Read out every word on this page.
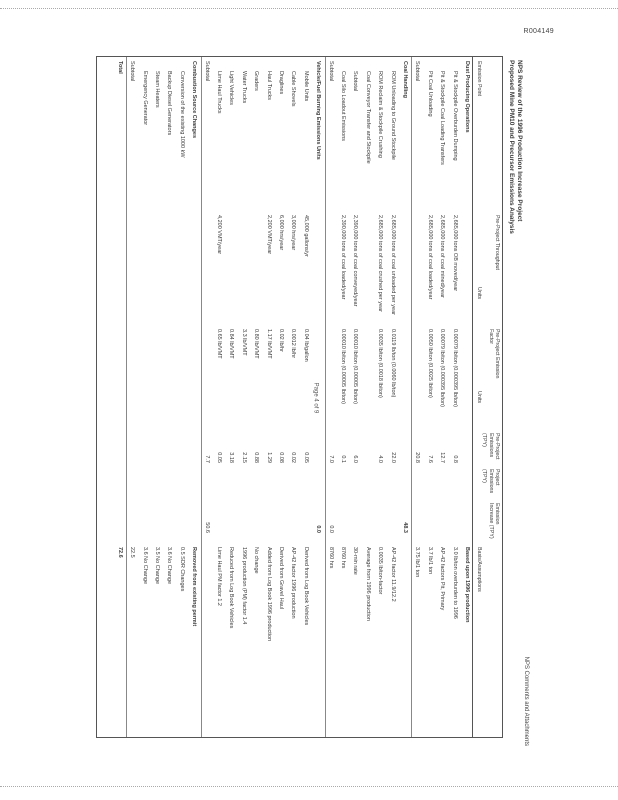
R004149
Page 4 of 9
NPS Comments and Attachments
NPS Review of the 1996 Production Increase Project
Proposed Mine PM10 and Precursor Emissions Analysis
Emission Point
Pre-Project Throughput
Units
Pre-Project Emission Factor
Units
Pre-Project Emissions (TPY)
Project Emissions (TPY)
Emission Increase (TPY)
Basis/Assumptions
Dust Producing Operations
Based upon 1996 production
Pit & Stockpile Overburden Dumping
2,685,000 tons OB moved/year
0.00079 lb/ton (0.000395 lb/ton)
0.8
3.0 lb/ton overburden to 1996
Pit & Stockpile Coal Loading Transfers
2,685,000 tons of coal mined/year
0.00079 lb/ton (0.000395 lb/ton)
12.7
AP-42 factors Pit, Primary
Pit Coal Unloading
2,685,000 tons of coal loaded/year
0.0050 lb/ton (0.0025 lb/ton)
7.6
3.7 lb/1 ton
Subtotal
20.8
3.75 lb/1 ton
Coal Handling
48.3
ROM Unloading to Ground Stockpile
2,685,000 tons of coal unloaded per year
0.0119 lb/ton (0.0060 lb/ton)
22.0
AP-42 factor 11.9/12.2
ROM Reclaim & Stockpile Crushing
2,685,000 tons of coal crushed per year
0.0035 lb/ton (0.0018 lb/ton)
4.0
0.0035 lb/ton-factor
Coal Conveyor Transfer and Stockpile
Average from 1996 production
Subtotal
2,390,000 tons of coal conveyed/year
0.00010 lb/ton (0.00005 lb/ton)
6.0
30-min rate
Coal Silo Loadout Emissions
2,390,000 tons of coal loaded/year
0.00010 lb/ton (0.00005 lb/ton)
0.1
8760 hrs
Subtotal
7.0
0.0
8760 hrs
Vehicle/Fuel Burning Emissions Units
0.0
Mobile Units
45,000 gallons/yr
0.04 lb/gallon
0.05
Derived from Log Book Vehicles
Cable Shovels
3,000 hrs/year
0.0012 lb/hr
0.02
AP-42 factor 1996 production
Draglines
6,000 hrs/year
0.02 lb/hr
0.08
Derived from Gravel Haul
Haul Trucks
2,200 VMT/year
1.17 lb/VMT
1.29
Added from Log Book 1996 production
Graders
0.80 lb/VMT
0.88
No change
Water Trucks
3.3 lb/VMT
2.15
1996 production (PM) factor 1.4
Light Vehicles
0.84 lb/VMT
3.18
Reduced from Log Book Vehicles
Lime Haul Trucks
4,200 VMT/year
0.65 lb/VMT
0.05
Lime Haul PM factor 1.2
Subtotal
7.7
50.6
Combustion Source Changes
Removed from existing permit
Conversion of the existing 1000 kW
0.5 SDR Changes
Backup Diesel Generators
3.6 No Change
Steam Heaters
3.5 No Change
Emergency Generator
3.6 No Change
Subtotal
22.5
Total
72.6
